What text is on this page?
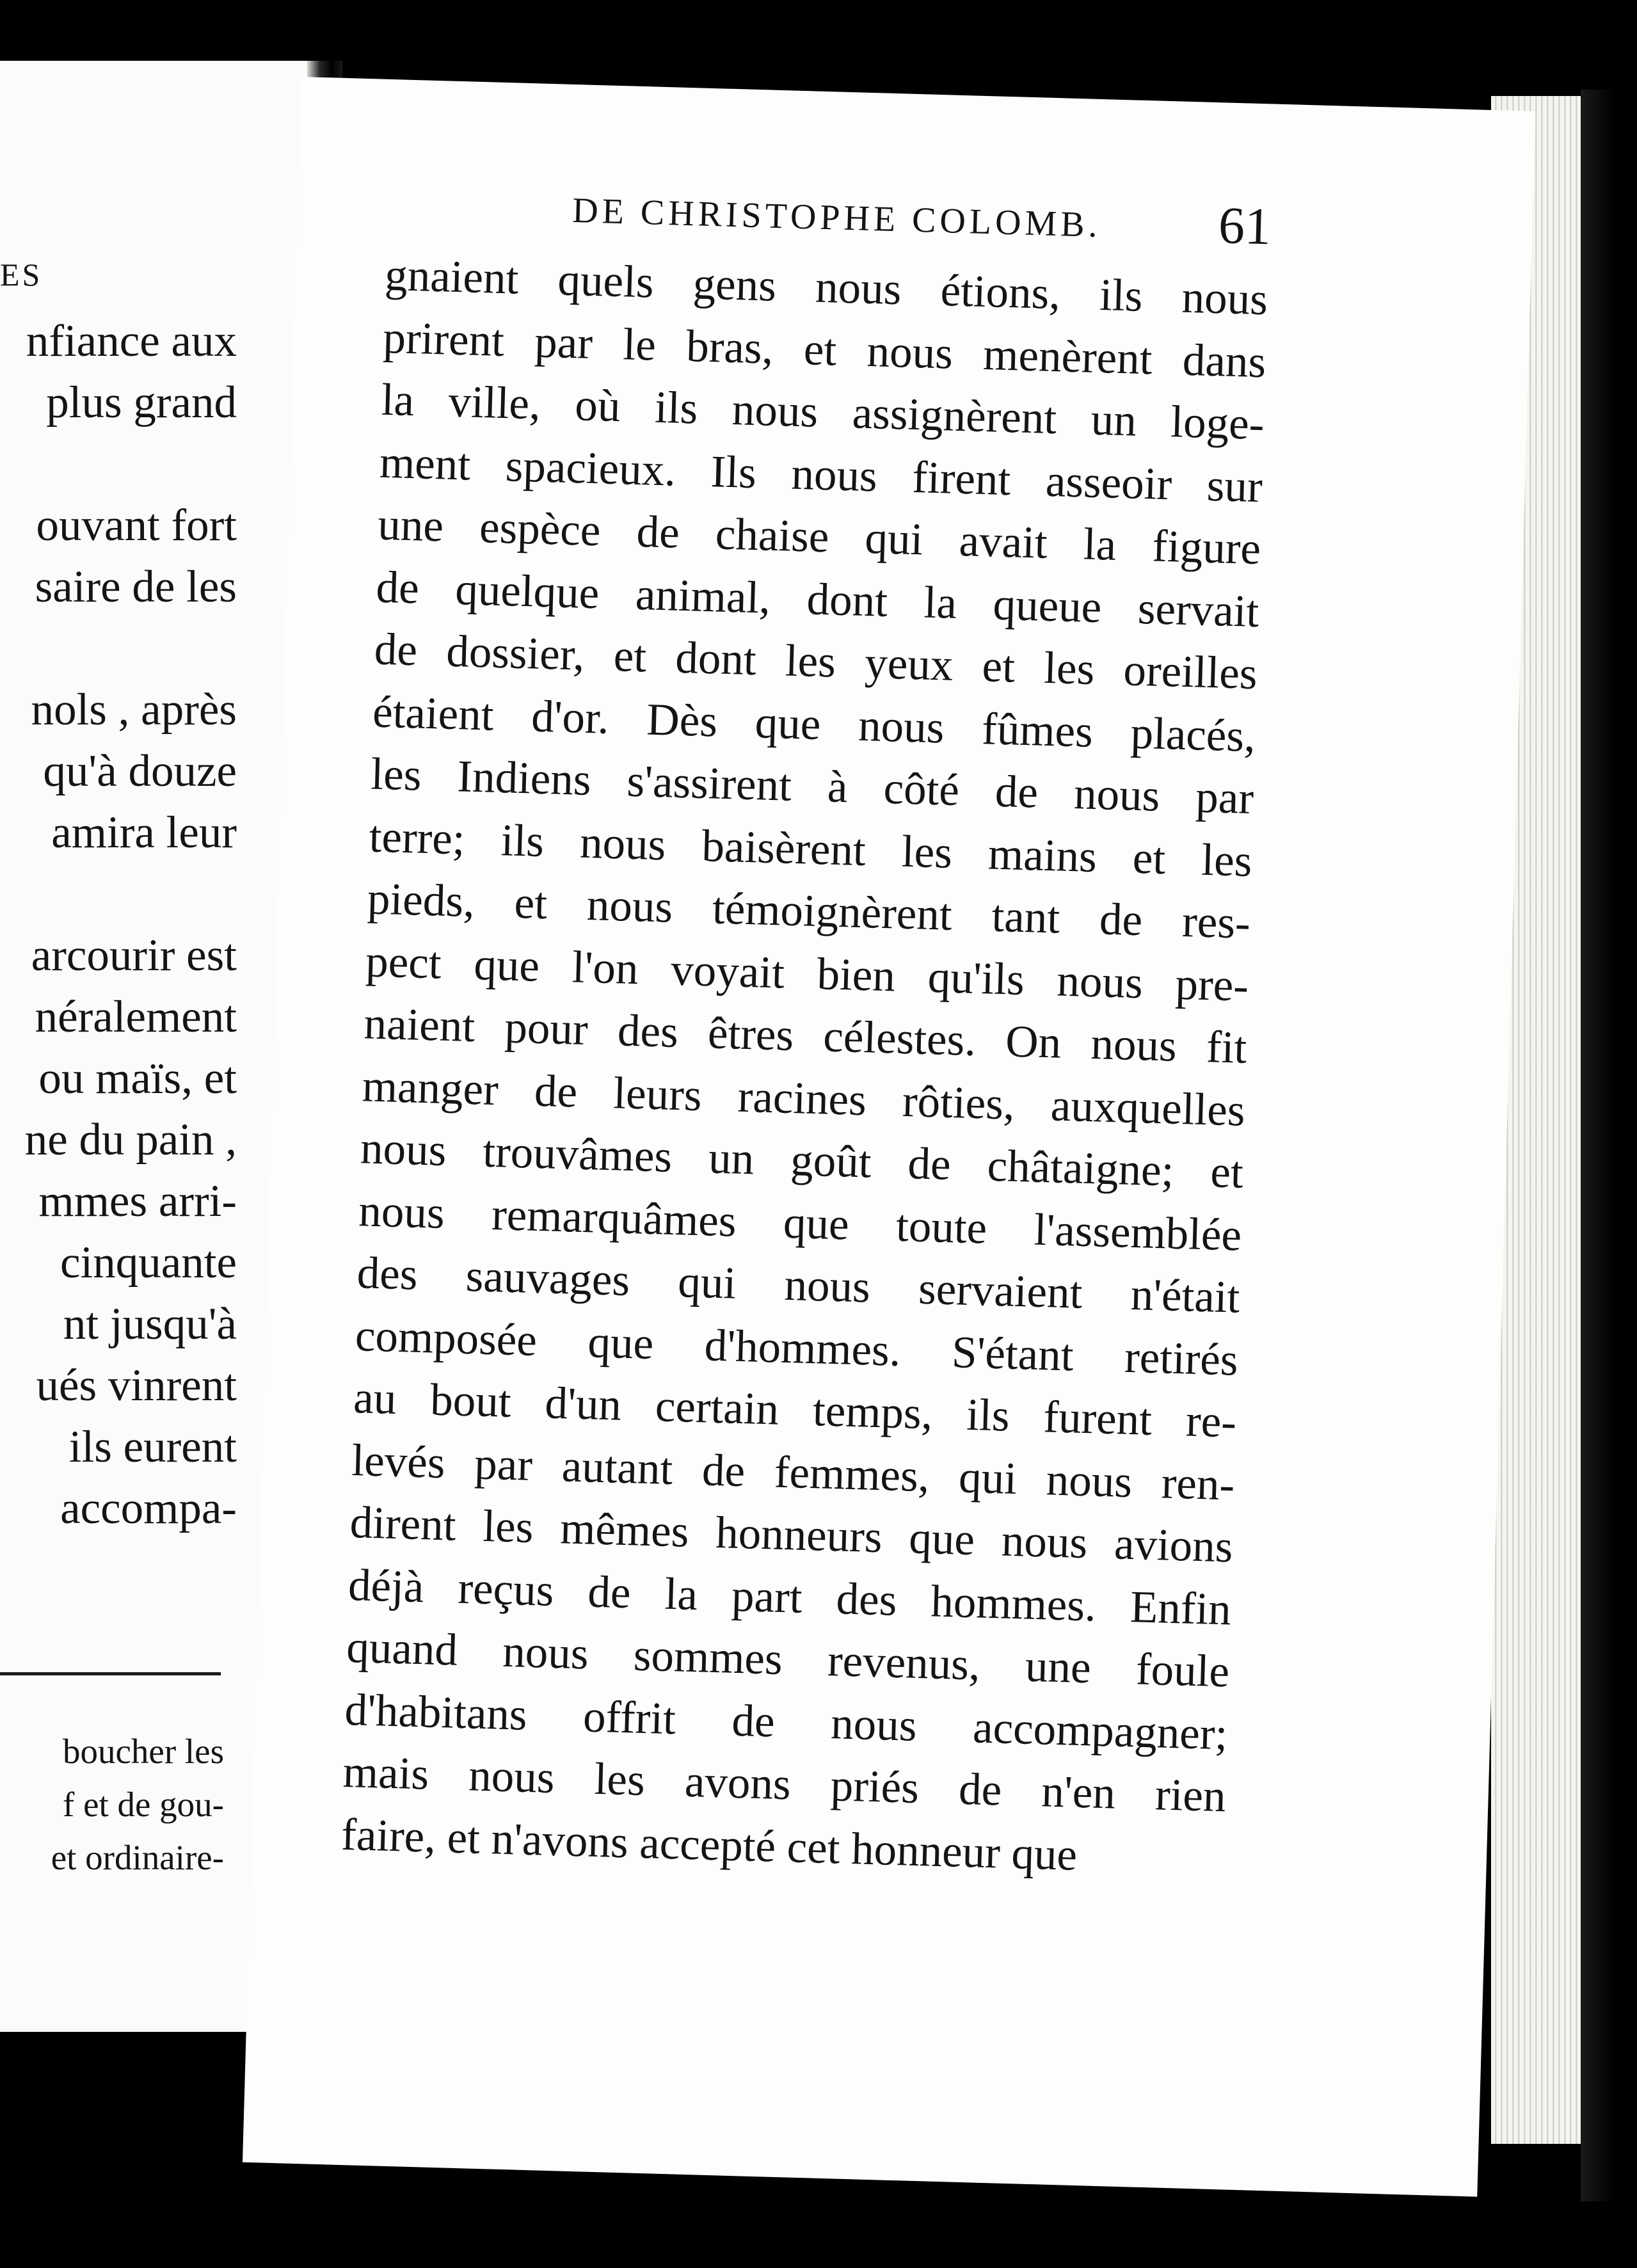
ES
nfiance aux
plus grand
ouvant fort
saire de les
nols , après
qu'à douze
amira leur
arcourir est
néralement
ou maïs, et
ne du pain ,
mmes arri-
cinquante
nt jusqu'à
ués vinrent
ils eurent
accompa-
boucher les
f et de gou-
et ordinaire-
DE CHRISTOPHE COLOMB. 61
gnaient quels gens nous étions, ils nous
prirent par le bras, et nous menèrent dans
la ville, où ils nous assignèrent un loge-
ment spacieux. Ils nous firent asseoir sur
une espèce de chaise qui avait la figure
de quelque animal, dont la queue servait
de dossier, et dont les yeux et les oreilles
étaient d'or. Dès que nous fûmes placés,
les Indiens s'assirent à côté de nous par
terre; ils nous baisèrent les mains et les
pieds, et nous témoignèrent tant de res-
pect que l'on voyait bien qu'ils nous pre-
naient pour des êtres célestes. On nous fit
manger de leurs racines rôties, auxquelles
nous trouvâmes un goût de châtaigne; et
nous remarquâmes que toute l'assemblée
des sauvages qui nous servaient n'était
composée que d'hommes. S'étant retirés
au bout d'un certain temps, ils furent re-
levés par autant de femmes, qui nous ren-
dirent les mêmes honneurs que nous avions
déjà reçus de la part des hommes. Enfin
quand nous sommes revenus, une foule
d'habitans offrit de nous accompagner;
mais nous les avons priés de n'en rien
faire, et n'avons accepté cet honneur que
